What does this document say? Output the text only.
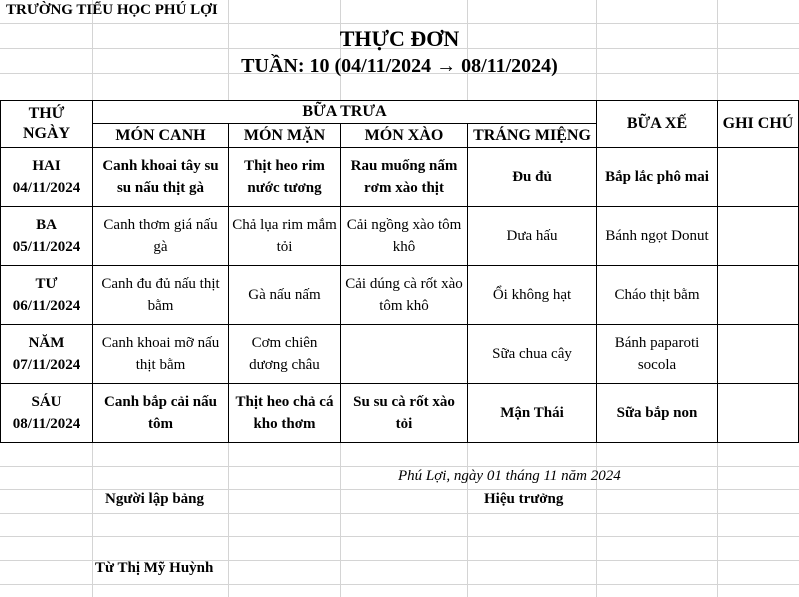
TRƯỜNG TIỂU HỌC PHÚ LỢI
THỰC ĐƠN
TUẦN: 10 (04/11/2024 → 08/11/2024)
THỨ
NGÀY	BỮA TRƯA				BỮA XẾ	GHI CHÚ
	MÓN CANH	MÓN MẶN	MÓN XÀO	TRÁNG MIỆNG		

HAI
04/11/2024	Canh khoai tây su su nấu thịt gà	Thịt heo rim nước tương	Rau muống nấm rơm xào thịt	Đu đủ	Bắp lắc phô mai	

BA
05/11/2024	Canh thơm giá nấu gà	Chả lụa rim mắm tỏi	Cải ngồng xào tôm khô	Dưa hấu	Bánh ngọt Donut	

TƯ
06/11/2024	Canh đu đủ nấu thịt bằm	Gà nấu nấm	Cải dúng cà rốt xào tôm khô	Ổi không hạt	Cháo thịt bằm	

NĂM
07/11/2024	Canh khoai mỡ nấu thịt bằm	Cơm chiên dương châu		Sữa chua cây	Bánh paparoti socola	

SÁU
08/11/2024	Canh bắp cải nấu tôm	Thịt heo chả cá kho thơm	Su su cà rốt xào tỏi	Mận Thái	Sữa bắp non	
Phú Lợi, ngày 01 tháng 11 năm 2024
Người lập bảng	Hiệu trưởng
Từ Thị Mỹ Huỳnh
